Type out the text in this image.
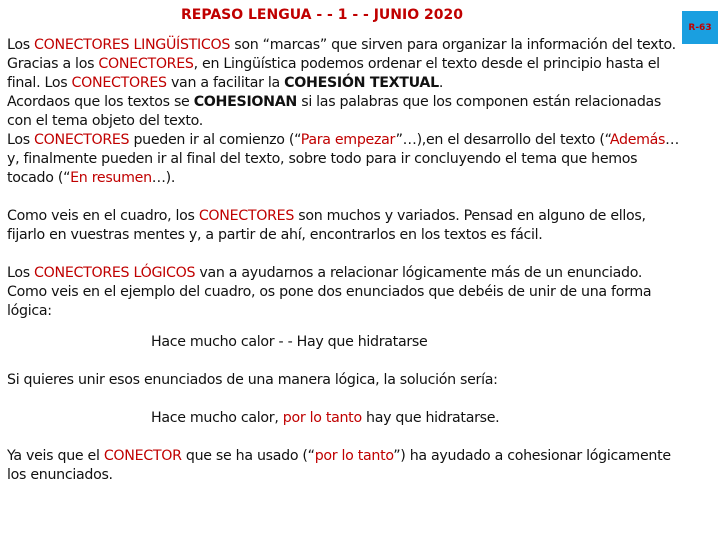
REPASO LENGUA - - 1 - - JUNIO 2020
R-63

Los CONECTORES LINGÜÍSTICOS son “marcas” que sirven para organizar la información del texto. Gracias a los CONECTORES, en Lingüística podemos ordenar el texto desde el principio hasta el final. Los CONECTORES van a facilitar la COHESIÓN TEXTUAL.

Acordaos que los textos se COHESIONAN si las palabras que los componen están relacionadas con el tema objeto del texto.

Los CONECTORES pueden ir al comienzo (“Para empezar”…),en el desarrollo del texto (“Además… y, finalmente pueden ir al final del texto, sobre todo para ir concluyendo el tema que hemos tocado (“En resumen…).

Como veis en el cuadro, los CONECTORES son muchos y variados. Pensad en alguno de ellos, fijarlo en vuestras mentes y, a partir de ahí, encontrarlos en los textos es fácil.

Los CONECTORES LÓGICOS van a ayudarnos a relacionar lógicamente más de un enunciado. Como veis en el ejemplo del cuadro, os pone dos enunciados que debéis de unir de una forma lógica:

Hace mucho calor - - Hay que hidratarse

Si quieres unir esos enunciados de una manera lógica, la solución sería:

Hace mucho calor, por lo tanto hay que hidratarse.

Ya veis que el CONECTOR que se ha usado (“por lo tanto”) ha ayudado a cohesionar lógicamente los enunciados.
